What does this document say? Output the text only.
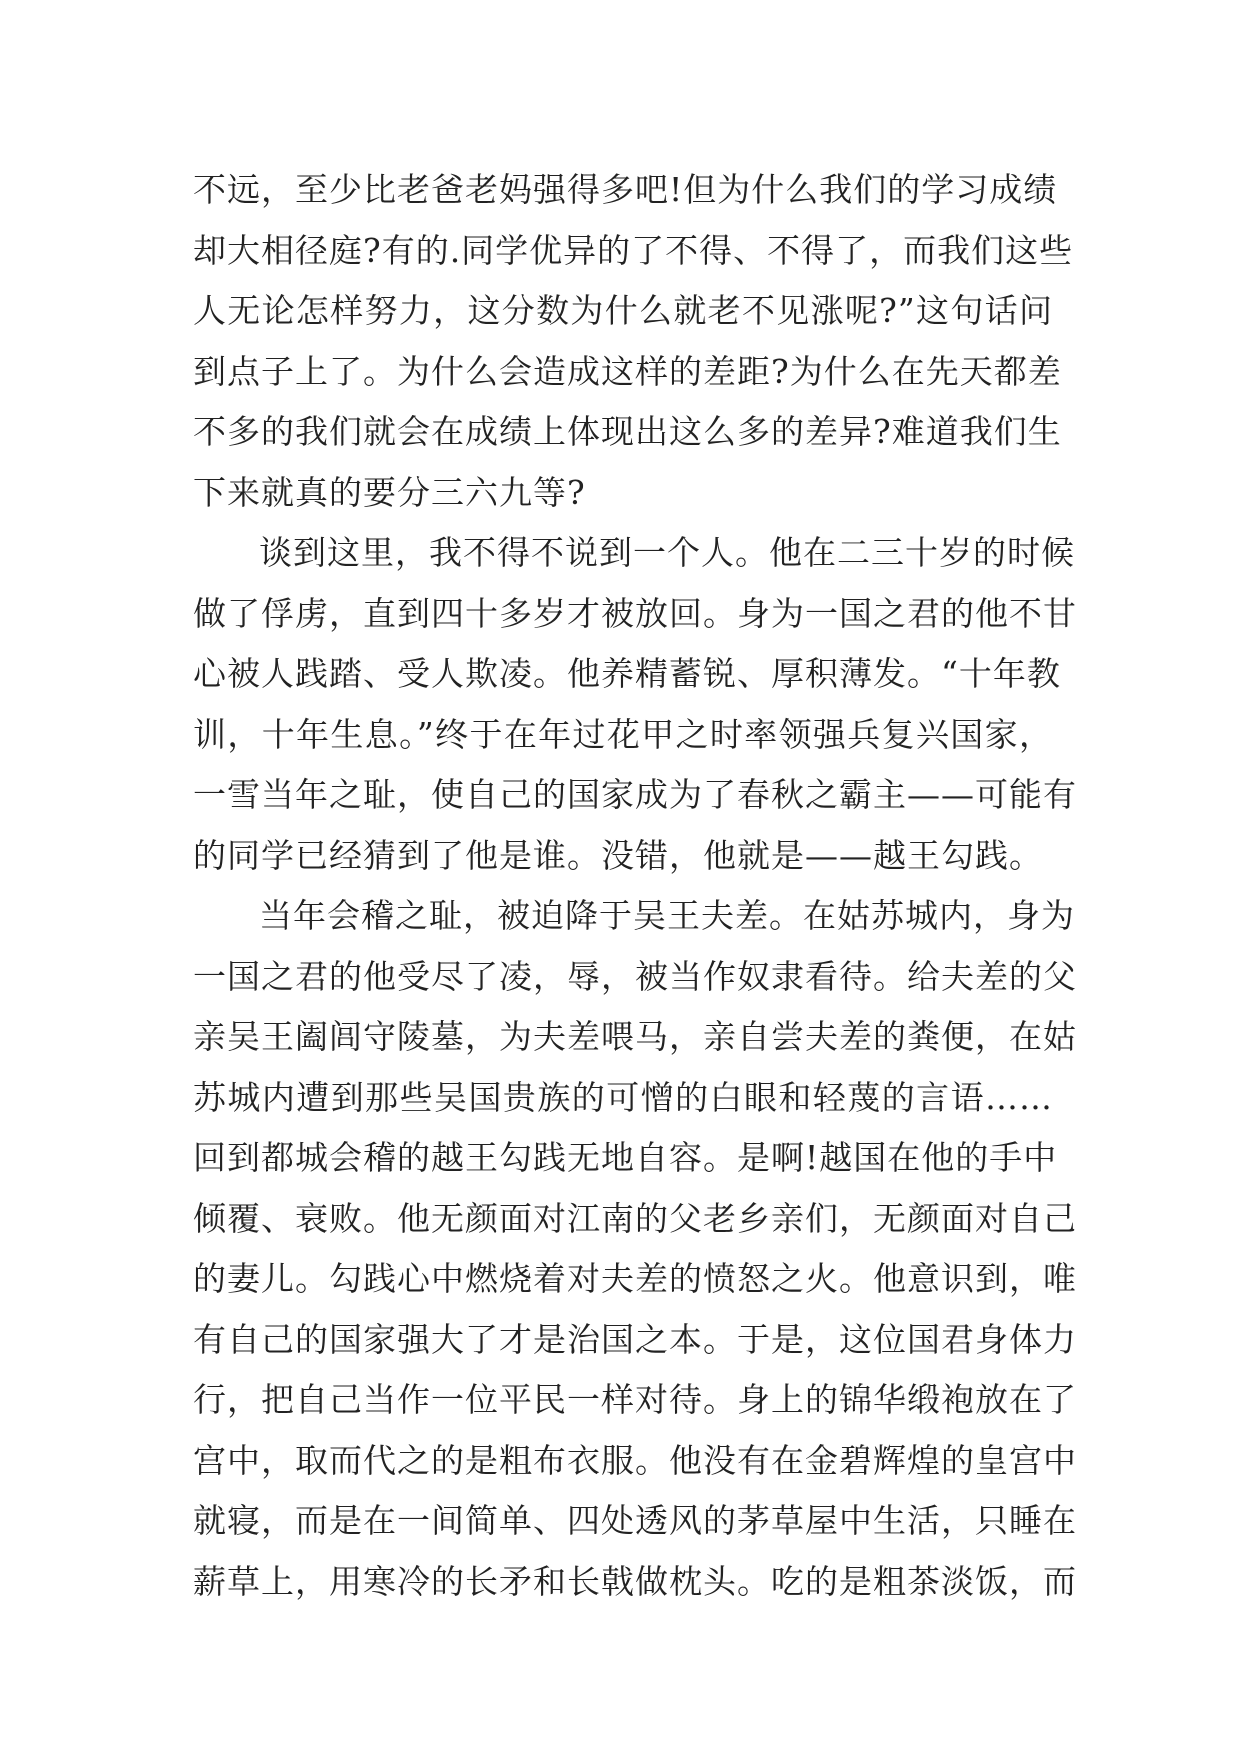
不远，至少比老爸老妈强得多吧!但为什么我们的学习成绩
却大相径庭?有的.同学优异的了不得、不得了，而我们这些
人无论怎样努力，这分数为什么就老不见涨呢?”这句话问
到点子上了。为什么会造成这样的差距?为什么在先天都差
不多的我们就会在成绩上体现出这么多的差异?难道我们生
下来就真的要分三六九等?

谈到这里，我不得不说到一个人。他在二三十岁的时候
做了俘虏，直到四十多岁才被放回。身为一国之君的他不甘
心被人践踏、受人欺凌。他养精蓄锐、厚积薄发。“十年教
训，十年生息。”终于在年过花甲之时率领强兵复兴国家，
一雪当年之耻，使自己的国家成为了春秋之霸主——可能有
的同学已经猜到了他是谁。没错，他就是——越王勾践。

当年会稽之耻，被迫降于吴王夫差。在姑苏城内，身为
一国之君的他受尽了凌，辱，被当作奴隶看待。给夫差的父
亲吴王阖闾守陵墓，为夫差喂马，亲自尝夫差的粪便，在姑
苏城内遭到那些吴国贵族的可憎的白眼和轻蔑的言语……
回到都城会稽的越王勾践无地自容。是啊!越国在他的手中
倾覆、衰败。他无颜面对江南的父老乡亲们，无颜面对自己
的妻儿。勾践心中燃烧着对夫差的愤怒之火。他意识到，唯
有自己的国家强大了才是治国之本。于是，这位国君身体力
行，把自己当作一位平民一样对待。身上的锦华缎袍放在了
宫中，取而代之的是粗布衣服。他没有在金碧辉煌的皇宫中
就寝，而是在一间简单、四处透风的茅草屋中生活，只睡在
薪草上，用寒冷的长矛和长戟做枕头。吃的是粗茶淡饭，而
